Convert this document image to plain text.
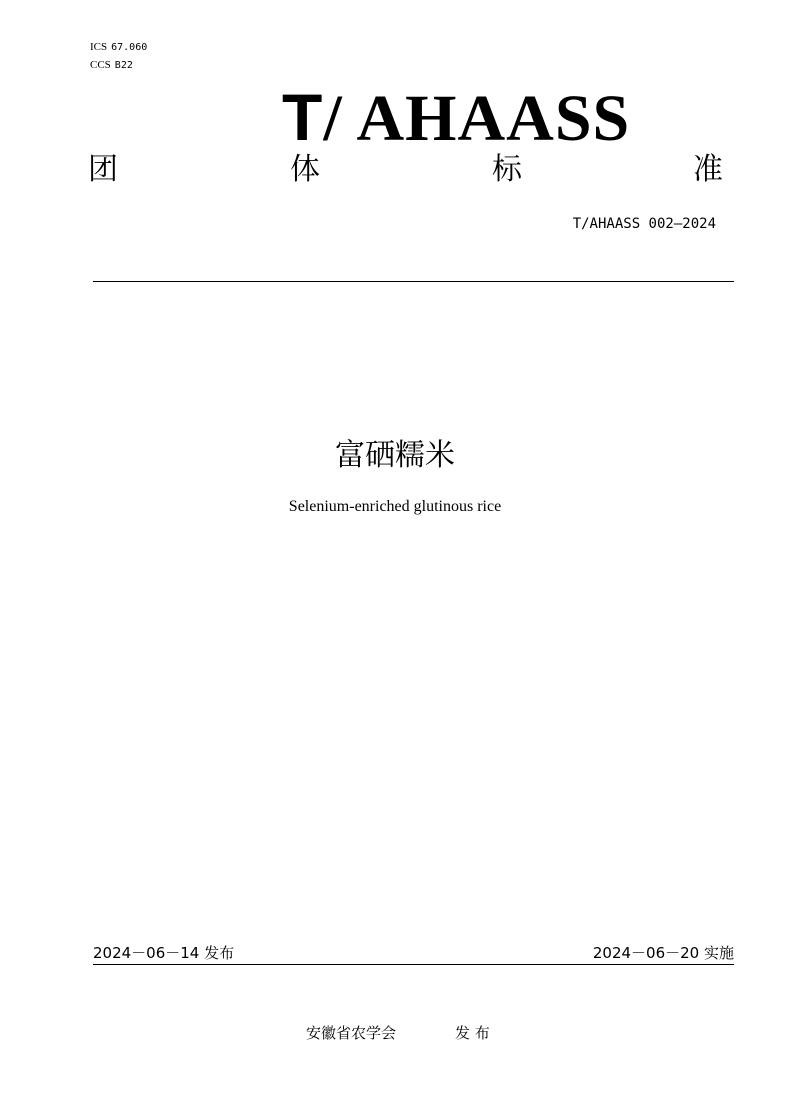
ICS 67.060
CCS B22
T/ AHAASS
团	体	标	准
T/AHAASS 002—2024
富硒糯米
Selenium-enriched glutinous rice
2024－06－14 发布	2024－06－20 实施
安徽省农学会	发 布
